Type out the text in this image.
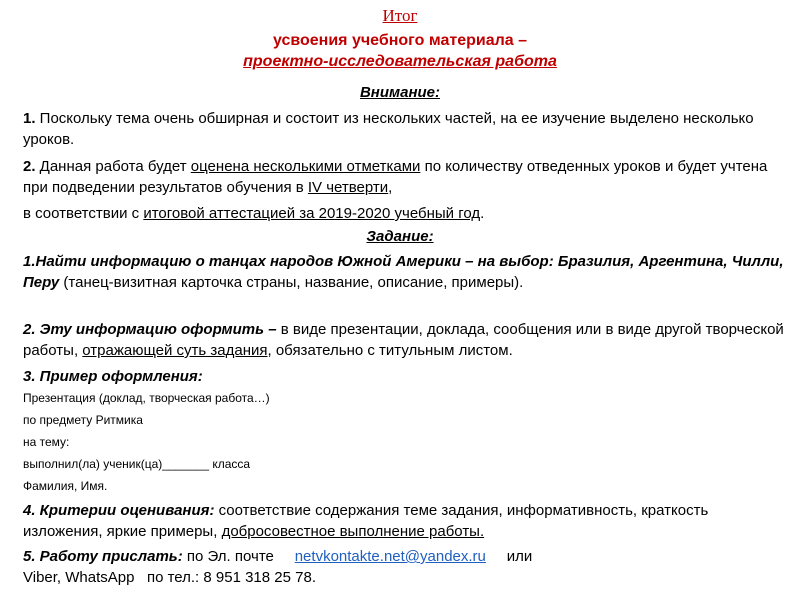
Итог
усвоения учебного материала –
проектно-исследовательская работа
Внимание:
1. Поскольку тема очень обширная и состоит из нескольких частей, на ее изучение выделено несколько уроков.
2. Данная работа будет оценена несколькими отметками по количеству отведенных уроков и будет учтена при подведении результатов обучения в IV четверти,
в соответствии с итоговой аттестацией за 2019-2020 учебный год.
Задание:
1.Найти информацию о танцах народов Южной Америки – на выбор: Бразилия, Аргентина, Чилли, Перу (танец-визитная карточка страны, название, описание, примеры).
2. Эту информацию оформить – в виде презентации, доклада, сообщения или в виде другой творческой работы, отражающей суть задания, обязательно с титульным листом.
3. Пример оформления:
Презентация (доклад, творческая работа…)
по предмету Ритмика
на тему:
выполнил(ла) ученик(ца)_______ класса
Фамилия, Имя.
4. Критерии оценивания: соответствие содержания теме задания, информативность, краткость изложения, яркие примеры, добросовестное выполнение работы.
5. Работу прислать: по Эл. почте     netvkontakte.net@yandex.ru     или
Viber, WhatsApp   по тел.: 8 951 318 25 78.
